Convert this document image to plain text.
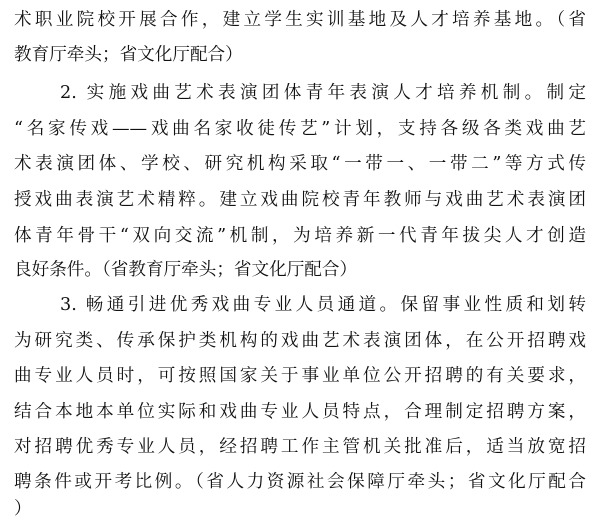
术职业院校开展合作，建立学生实训基地及人才培养基地。（省
教育厅牵头；省文化厅配合）
2. 实施戏曲艺术表演团体青年表演人才培养机制。制定
“名家传戏——戏曲名家收徒传艺”计划，支持各级各类戏曲艺
术表演团体、学校、研究机构采取“一带一、一带二”等方式传
授戏曲表演艺术精粹。建立戏曲院校青年教师与戏曲艺术表演团
体青年骨干“双向交流”机制，为培养新一代青年拔尖人才创造
良好条件。（省教育厅牵头；省文化厅配合）
3. 畅通引进优秀戏曲专业人员通道。保留事业性质和划转
为研究类、传承保护类机构的戏曲艺术表演团体，在公开招聘戏
曲专业人员时，可按照国家关于事业单位公开招聘的有关要求，
结合本地本单位实际和戏曲专业人员特点，合理制定招聘方案，
对招聘优秀专业人员，经招聘工作主管机关批准后，适当放宽招
聘条件或开考比例。（省人力资源社会保障厅牵头；省文化厅配合
）
